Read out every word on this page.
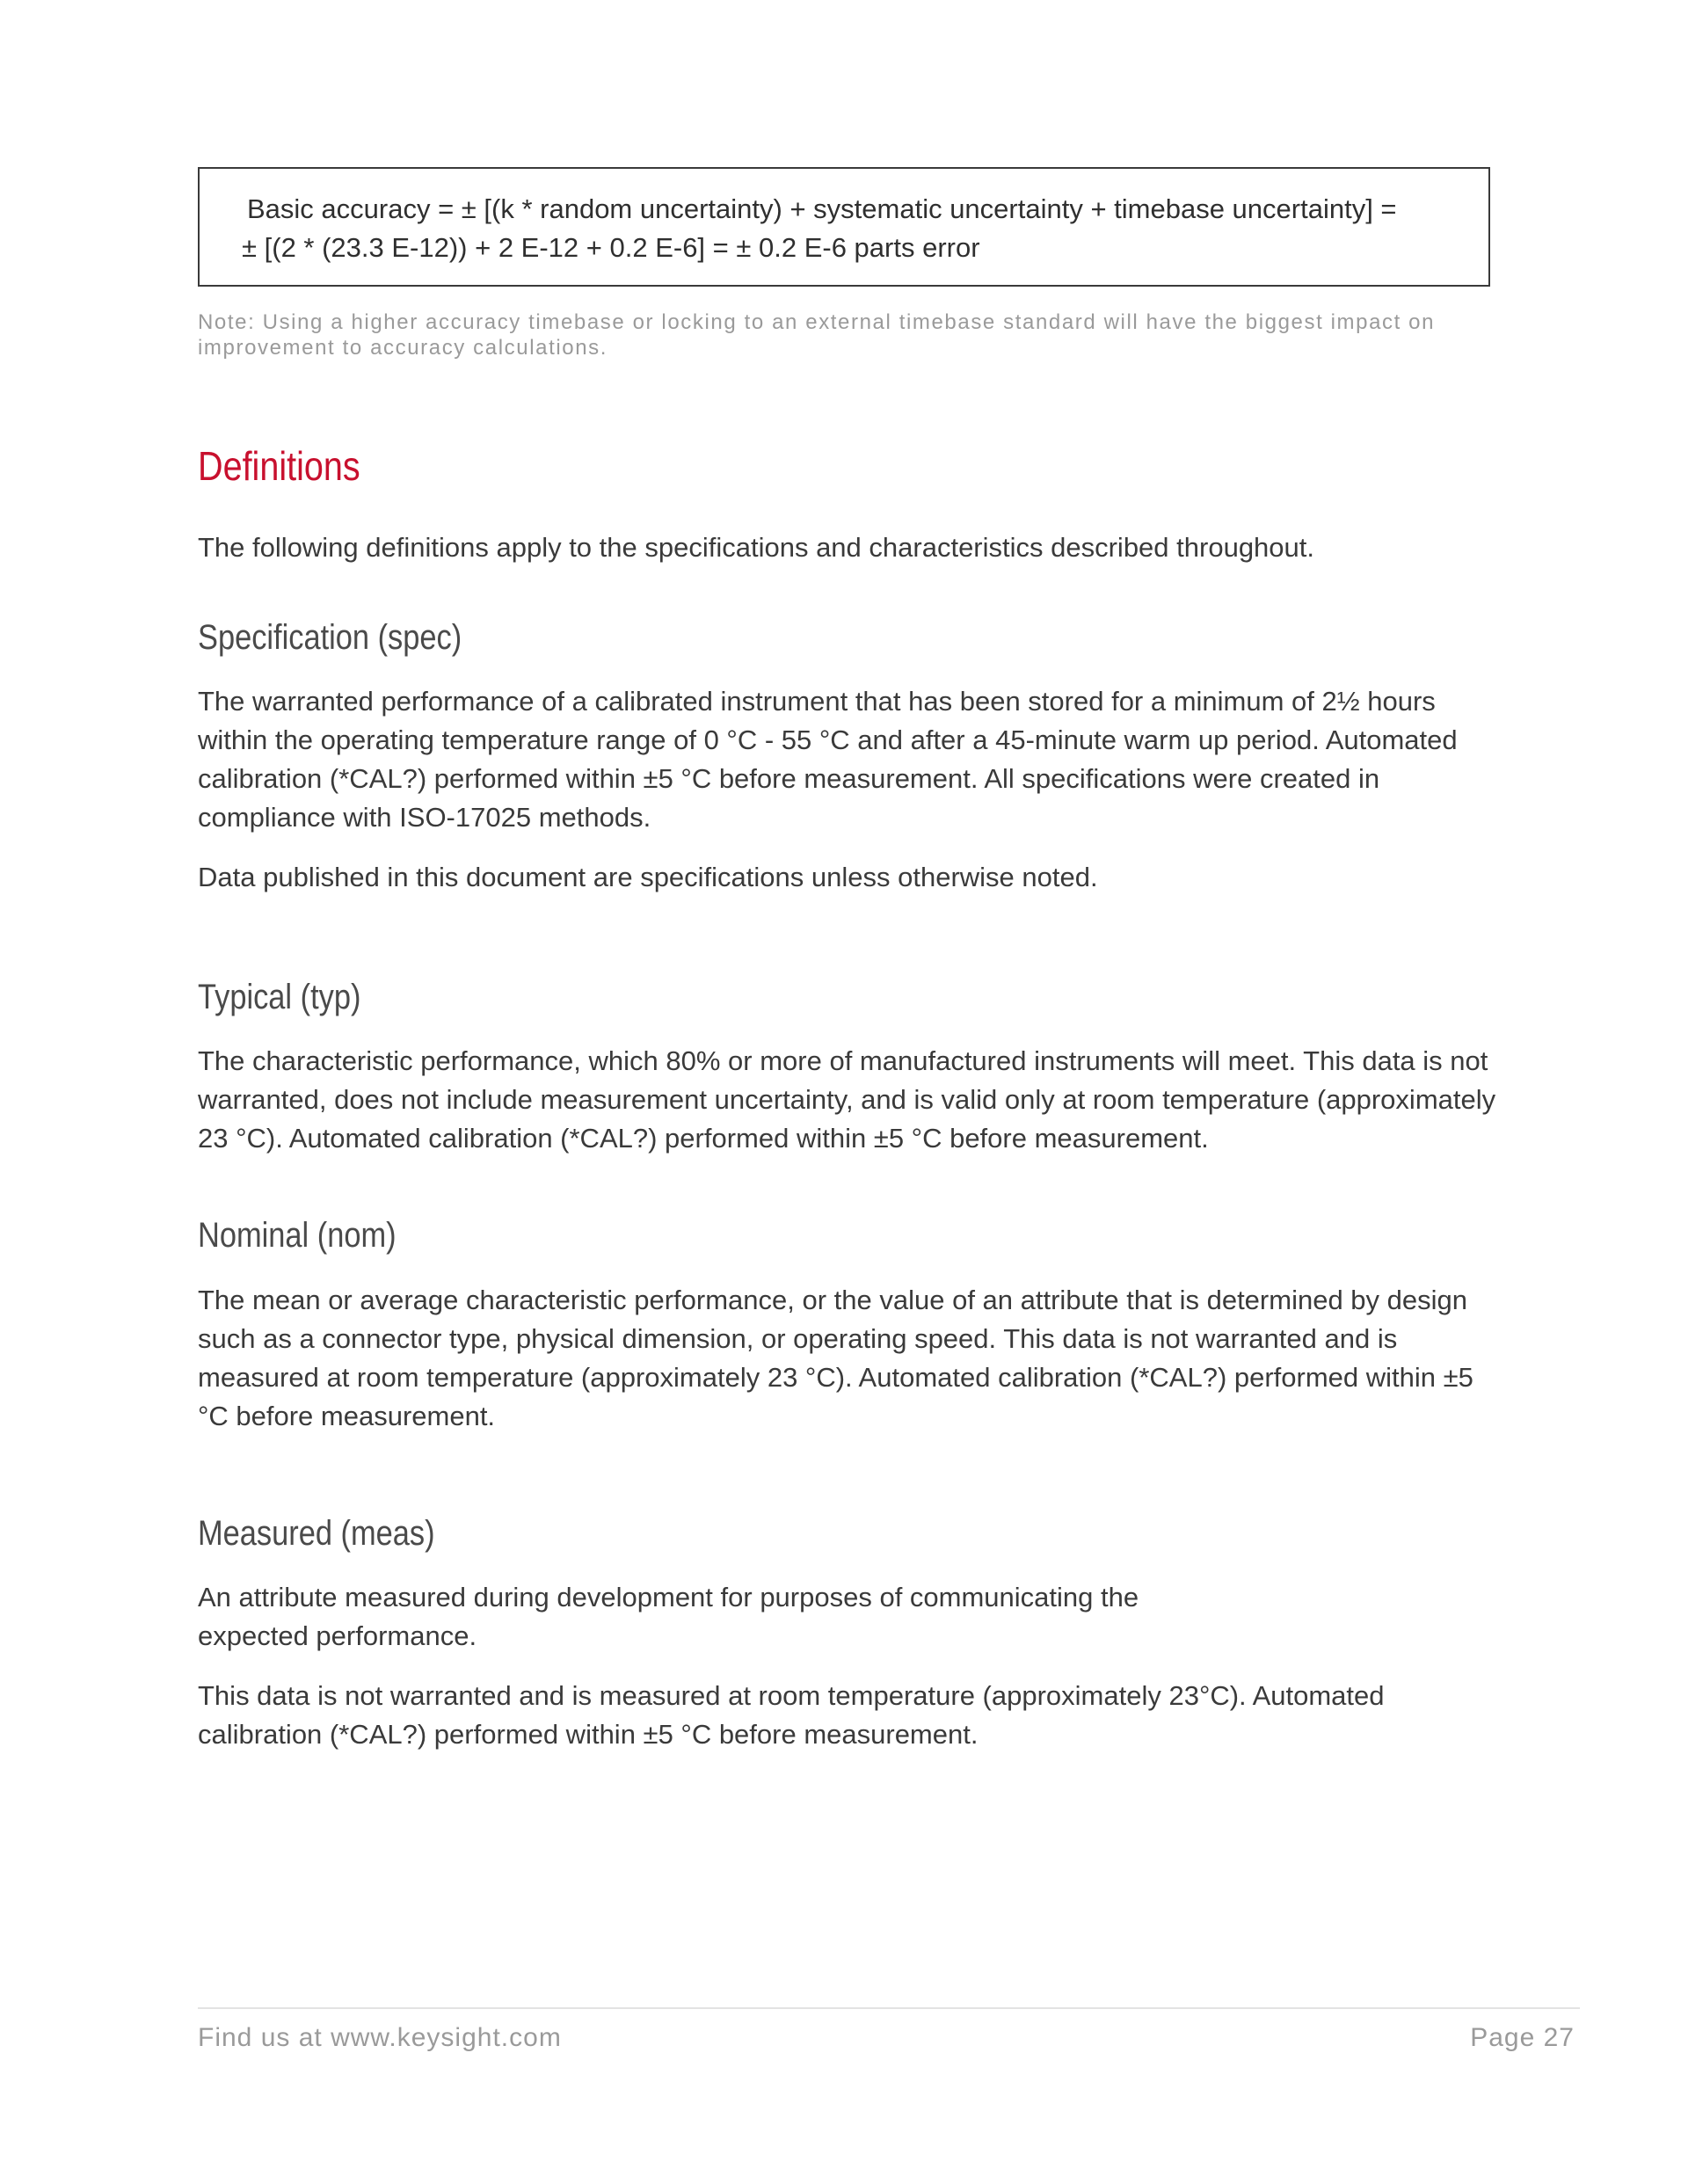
Basic accuracy = ± [(k * random uncertainty) + systematic uncertainty + timebase uncertainty] =
± [(2 * (23.3 E-12)) + 2 E-12 + 0.2 E-6] = ± 0.2 E-6 parts error
Note: Using a higher accuracy timebase or locking to an external timebase standard will have the biggest impact on improvement to accuracy calculations.
Definitions
The following definitions apply to the specifications and characteristics described throughout.
Specification (spec)
The warranted performance of a calibrated instrument that has been stored for a minimum of 2½ hours within the operating temperature range of 0 °C - 55 °C and after a 45-minute warm up period. Automated calibration (*CAL?) performed within ±5 °C before measurement. All specifications were created in compliance with ISO-17025 methods.
Data published in this document are specifications unless otherwise noted.
Typical (typ)
The characteristic performance, which 80% or more of manufactured instruments will meet. This data is not warranted, does not include measurement uncertainty, and is valid only at room temperature (approximately 23 °C). Automated calibration (*CAL?) performed within ±5 °C before measurement.
Nominal (nom)
The mean or average characteristic performance, or the value of an attribute that is determined by design such as a connector type, physical dimension, or operating speed. This data is not warranted and is measured at room temperature (approximately 23 °C). Automated calibration (*CAL?) performed within ±5 °C before measurement.
Measured (meas)
An attribute measured during development for purposes of communicating the
expected performance.
This data is not warranted and is measured at room temperature (approximately 23°C). Automated calibration (*CAL?) performed within ±5 °C before measurement.
Find us at www.keysight.com	Page 27
